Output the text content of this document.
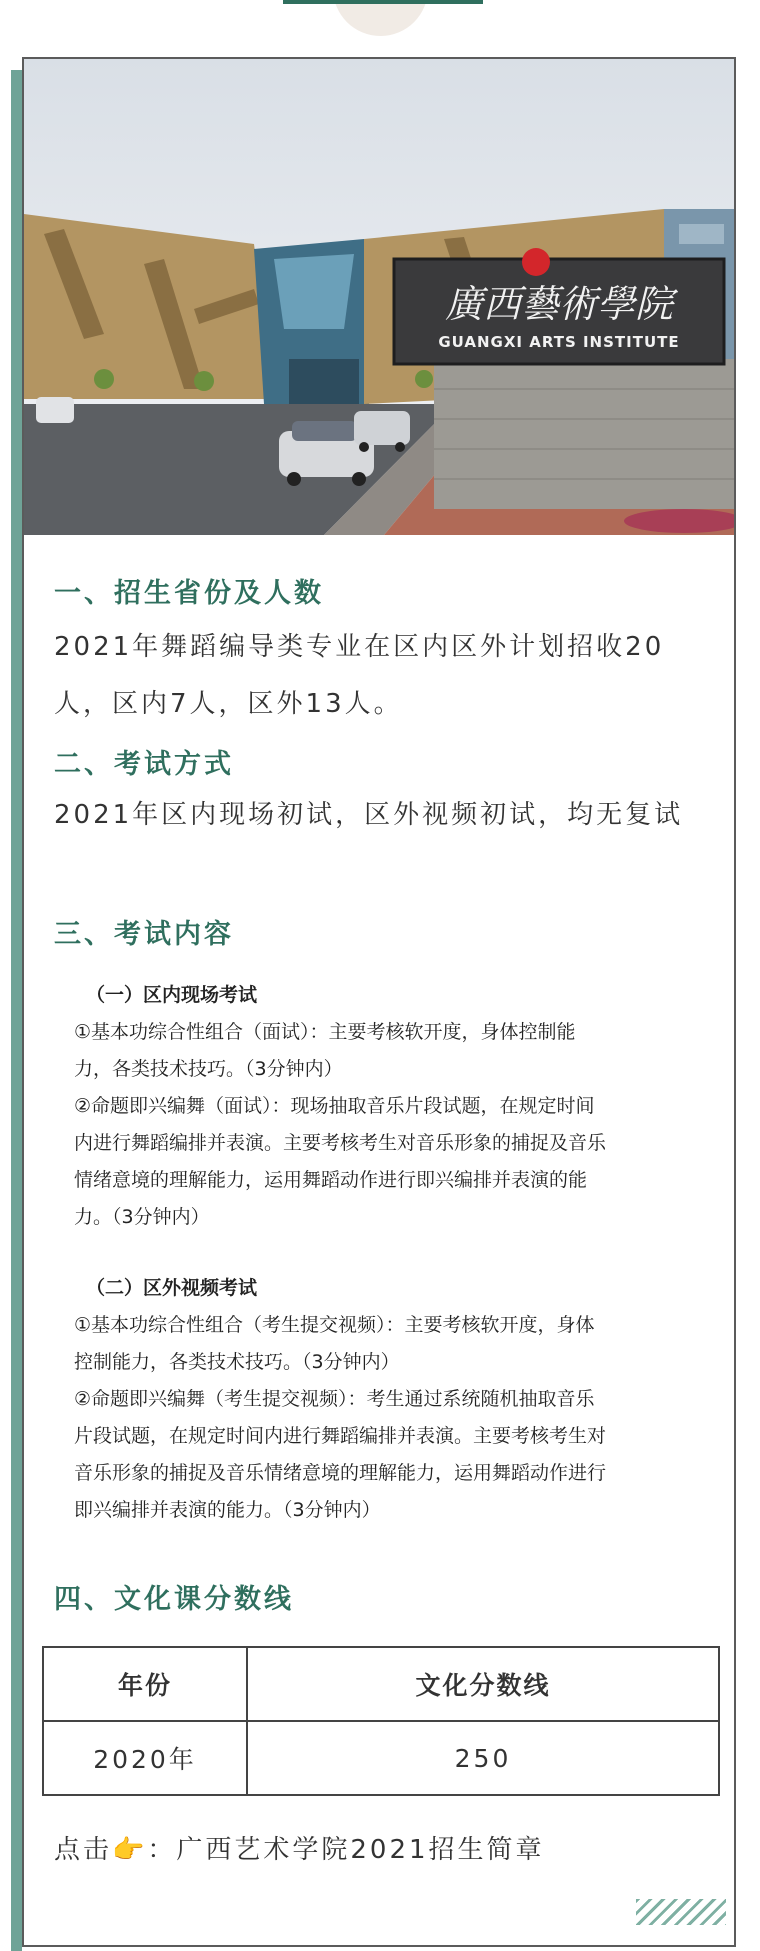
廣西藝術學院
GUANGXI ARTS INSTITUTE
一、招生省份及人数

2021年舞蹈编导类专业在区内区外计划招收20人，区内7人，区外13人。

二、考试方式

2021年区内现场初试，区外视频初试，均无复试

三、考试内容
（一）区内现场考试
①基本功综合性组合（面试）：主要考核软开度，身体控制能
力，各类技术技巧。（3分钟内）
②命题即兴编舞（面试）：现场抽取音乐片段试题，在规定时间
内进行舞蹈编排并表演。主要考核考生对音乐形象的捕捉及音乐
情绪意境的理解能力，运用舞蹈动作进行即兴编排并表演的能
力。（3分钟内）
（二）区外视频考试
①基本功综合性组合（考生提交视频）：主要考核软开度，身体
控制能力，各类技术技巧。（3分钟内）
②命题即兴编舞（考生提交视频）：考生通过系统随机抽取音乐
片段试题，在规定时间内进行舞蹈编排并表演。主要考核考生对
音乐形象的捕捉及音乐情绪意境的理解能力，运用舞蹈动作进行
即兴编排并表演的能力。（3分钟内）
四、文化课分数线
年份	文化分数线
2020年	250
点击👉：广西艺术学院2021招生简章
